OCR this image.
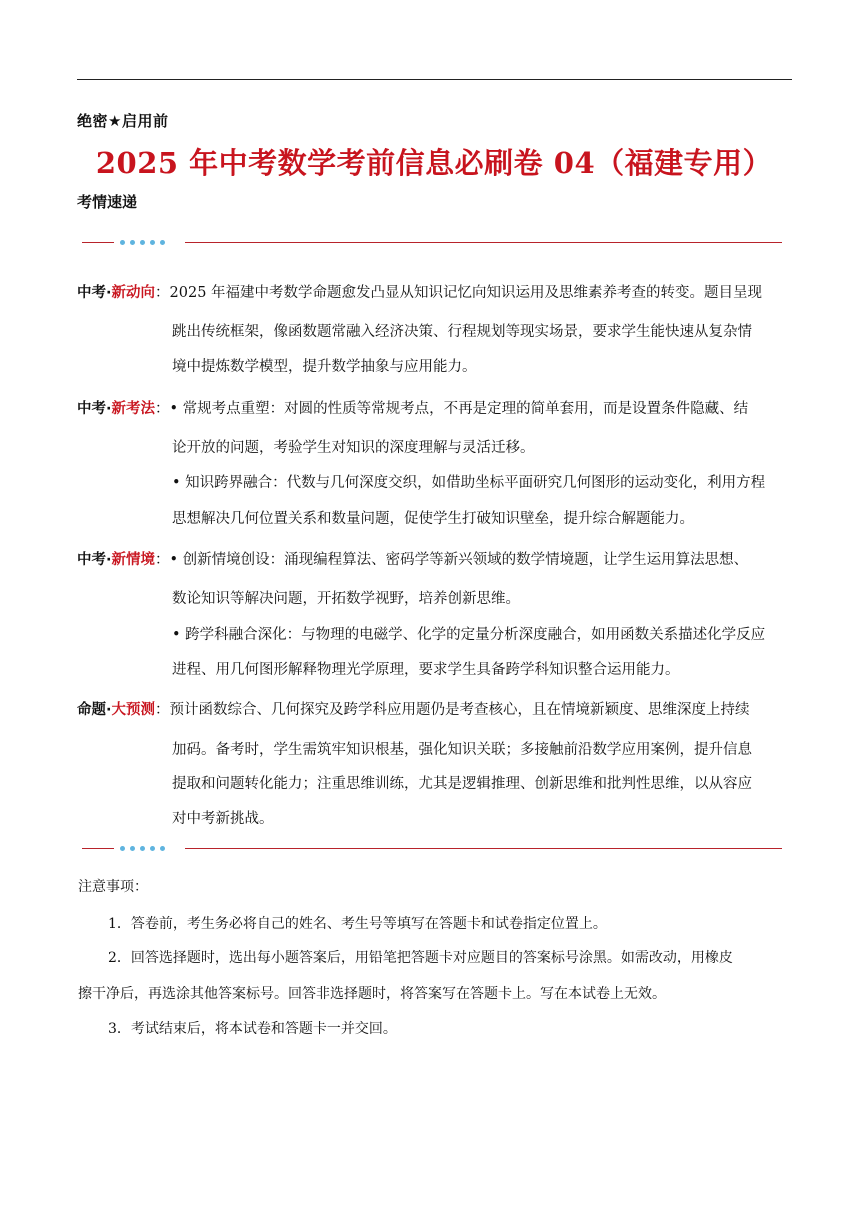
绝密★启用前
2025 年中考数学考前信息必刷卷 04（福建专用）
考情速递
中考·新动向：2025 年福建中考数学命题愈发凸显从知识记忆向知识运用及思维素养考查的转变。题目呈现
跳出传统框架，像函数题常融入经济决策、行程规划等现实场景，要求学生能快速从复杂情
境中提炼数学模型，提升数学抽象与应用能力。
中考·新考法：• 常规考点重塑：对圆的性质等常规考点，不再是定理的简单套用，而是设置条件隐藏、结
论开放的问题，考验学生对知识的深度理解与灵活迁移。
• 知识跨界融合：代数与几何深度交织，如借助坐标平面研究几何图形的运动变化，利用方程
思想解决几何位置关系和数量问题，促使学生打破知识壁垒，提升综合解题能力。
中考·新情境：• 创新情境创设：涌现编程算法、密码学等新兴领域的数学情境题，让学生运用算法思想、
数论知识等解决问题，开拓数学视野，培养创新思维。
• 跨学科融合深化：与物理的电磁学、化学的定量分析深度融合，如用函数关系描述化学反应
进程、用几何图形解释物理光学原理，要求学生具备跨学科知识整合运用能力。
命题·大预测：预计函数综合、几何探究及跨学科应用题仍是考查核心，且在情境新颖度、思维深度上持续
加码。备考时，学生需筑牢知识根基，强化知识关联；多接触前沿数学应用案例，提升信息
提取和问题转化能力；注重思维训练，尤其是逻辑推理、创新思维和批判性思维，以从容应
对中考新挑战。
注意事项：
1．答卷前，考生务必将自己的姓名、考生号等填写在答题卡和试卷指定位置上。
2．回答选择题时，选出每小题答案后，用铅笔把答题卡对应题目的答案标号涂黑。如需改动，用橡皮
擦干净后，再选涂其他答案标号。回答非选择题时，将答案写在答题卡上。写在本试卷上无效。
3．考试结束后，将本试卷和答题卡一并交回。
